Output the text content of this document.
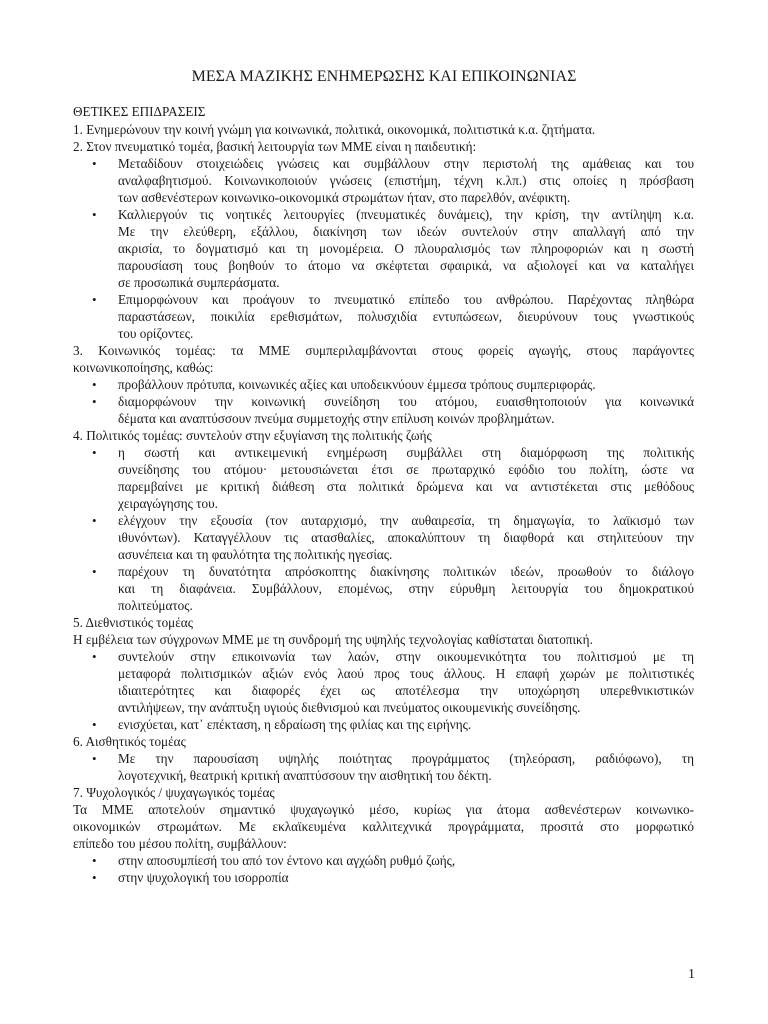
ΜΕΣΑ ΜΑΖΙΚΗΣ ΕΝΗΜΕΡΩΣΗΣ ΚΑΙ ΕΠΙΚΟΙΝΩΝΙΑΣ
ΘΕΤΙΚΕΣ ΕΠΙΔΡΑΣΕΙΣ
1. Ενημερώνουν την κοινή γνώμη για κοινωνικά, πολιτικά, οικονομικά, πολιτιστικά κ.α. ζητήματα.
2. Στον πνευματικό τομέα, βασική λειτουργία των ΜΜΕ είναι η παιδευτική:
• Μεταδίδουν στοιχειώδεις γνώσεις και συμβάλλουν στην περιστολή της αμάθειας και του
αναλφαβητισμού. Κοινωνικοποιούν γνώσεις (επιστήμη, τέχνη κ.λπ.) στις οποίες η πρόσβαση
των ασθενέστερων κοινωνικο-οικονομικά στρωμάτων ήταν, στο παρελθόν, ανέφικτη.
• Καλλιεργούν τις νοητικές λειτουργίες (πνευματικές δυνάμεις), την κρίση, την αντίληψη κ.α.
Με την ελεύθερη, εξάλλου, διακίνηση των ιδεών συντελούν στην απαλλαγή από την
ακρισία, το δογματισμό και τη μονομέρεια. Ο πλουραλισμός των πληροφοριών και η σωστή
παρουσίαση τους βοηθούν το άτομο να σκέφτεται σφαιρικά, να αξιολογεί και να καταλήγει
σε προσωπικά συμπεράσματα.
• Επιμορφώνουν και προάγουν το πνευματικό επίπεδο του ανθρώπου. Παρέχοντας πληθώρα
παραστάσεων, ποικιλία ερεθισμάτων, πολυσχιδία εντυπώσεων, διευρύνουν τους γνωστικούς
του ορίζοντες.
3. Κοινωνικός τομέας: τα ΜΜΕ συμπεριλαμβάνονται στους φορείς αγωγής, στους παράγοντες
κοινωνικοποίησης, καθώς:
• προβάλλουν πρότυπα, κοινωνικές αξίες και υποδεικνύουν έμμεσα τρόπους συμπεριφοράς.
• διαμορφώνουν την κοινωνική συνείδηση του ατόμου, ευαισθητοποιούν για κοινωνικά
δέματα και αναπτύσσουν πνεύμα συμμετοχής στην επίλυση κοινών προβλημάτων.
4. Πολιτικός τομέας: συντελούν στην εξυγίανση της πολιτικής ζωής
• η σωστή και αντικειμενική ενημέρωση συμβάλλει στη διαμόρφωση της πολιτικής
συνείδησης του ατόμου· μετουσιώνεται έτσι σε πρωταρχικό εφόδιο του πολίτη, ώστε να
παρεμβαίνει με κριτική διάθεση στα πολιτικά δρώμενα και να αντιστέκεται στις μεθόδους
χειραγώγησης του.
• ελέγχουν την εξουσία (τον αυταρχισμό, την αυθαιρεσία, τη δημαγωγία, το λαϊκισμό των
ιθυνόντων). Καταγγέλλουν τις ατασθαλίες, αποκαλύπτουν τη διαφθορά και στηλιτεύουν την
ασυνέπεια και τη φαυλότητα της πολιτικής ηγεσίας.
• παρέχουν τη δυνατότητα απρόσκοπτης διακίνησης πολιτικών ιδεών, προωθούν το διάλογο
και τη διαφάνεια. Συμβάλλουν, επομένως, στην εύρυθμη λειτουργία του δημοκρατικού
πολιτεύματος.
5. Διεθνιστικός τομέας
Η εμβέλεια των σύγχρονων ΜΜΕ με τη συνδρομή της υψηλής τεχνολογίας καθίσταται διατοπική.
• συντελούν στην επικοινωνία των λαών, στην οικουμενικότητα του πολιτισμού με τη
μεταφορά πολιτισμικών αξιών ενός λαού προς τους άλλους. Η επαφή χωρών με πολιτιστικές
ιδιαιτερότητες και διαφορές έχει ως αποτέλεσμα την υποχώρηση υπερεθνικιστικών
αντιλήψεων, την ανάπτυξη υγιούς διεθνισμού και πνεύματος οικουμενικής συνείδησης.
• ενισχύεται, κατ᾽ επέκταση, η εδραίωση της φιλίας και της ειρήνης.
6. Αισθητικός τομέας
• Με την παρουσίαση υψηλής ποιότητας προγράμματος (τηλεόραση, ραδιόφωνο), τη
λογοτεχνική, θεατρική κριτική αναπτύσσουν την αισθητική του δέκτη.
7. Ψυχολογικός / ψυχαγωγικός τομέας
Τα ΜΜΕ αποτελούν σημαντικό ψυχαγωγικό μέσο, κυρίως για άτομα ασθενέστερων κοινωνικο-
οικονομικών στρωμάτων. Με εκλαϊκευμένα καλλιτεχνικά προγράμματα, προσιτά στο μορφωτικό
επίπεδο του μέσου πολίτη, συμβάλλουν:
• στην αποσυμπίεσή του από τον έντονο και αγχώδη ρυθμό ζωής,
• στην ψυχολογική του ισορροπία
1
